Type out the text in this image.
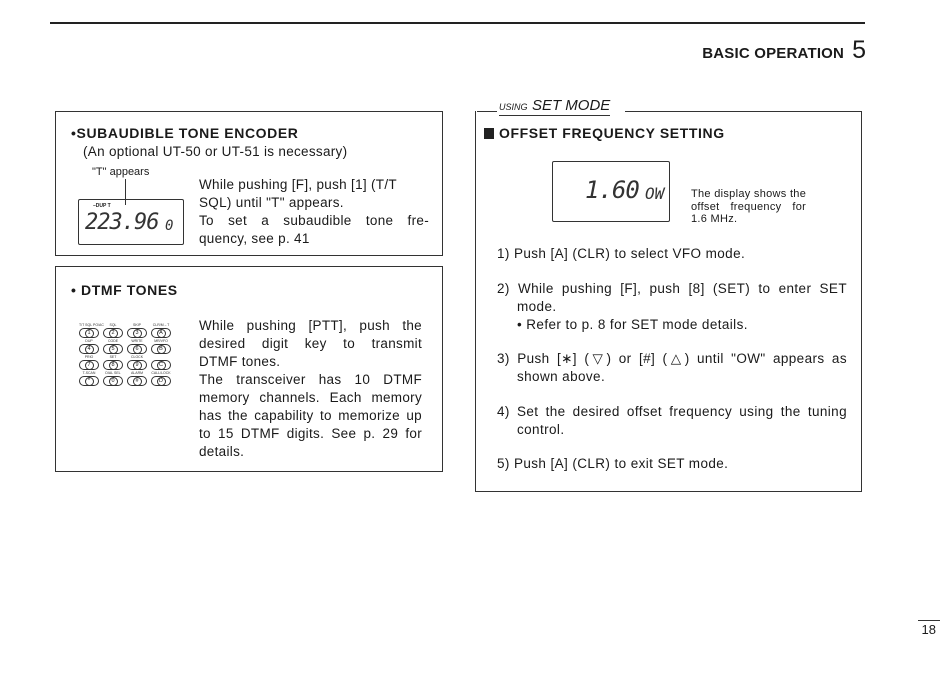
BASIC OPERATION 5
•SUBAUDIBLE TONE ENCODER
(An optional UT-50 or UT-51 is necessary)
"T" appears
–DUP T
223.96 0
While pushing [F], push [1] (T/T
SQL) until "T" appears.
To set a subaudible tone fre-
quency, see p. 41
• DTMF TONES
T/T SQL PO/AC
1
SQL
2
SKIP
3
CLR/M→T
A
DUP
4
CODE
5
WRITE
6
MR/VFO
B
PRIO
7
SET
8
CLOCK
9	C
T-SCAN
*
DIAL SEL
0
ALARM
#
CALL/LOCK
D
While pushing [PTT], push the
desired digit key to transmit
DTMF tones.
The transceiver has 10 DTMF
memory channels. Each memory
has the capability to memorize up
to 15 DTMF digits. See p. 29 for
details.
USING SET MODE
OFFSET FREQUENCY SETTING
1.60 OW The display shows the
offset frequency for
1.6 MHz.
1) Push [A] (CLR) to select VFO mode.
2) While pushing [F], push [8] (SET) to enter SET
mode.
• Refer to p. 8 for SET mode details.
3) Push [∗] (▽) or [#] (△) until "OW" appears as
shown above.
4) Set the desired offset frequency using the tuning
control.
5) Push [A] (CLR) to exit SET mode.
18
